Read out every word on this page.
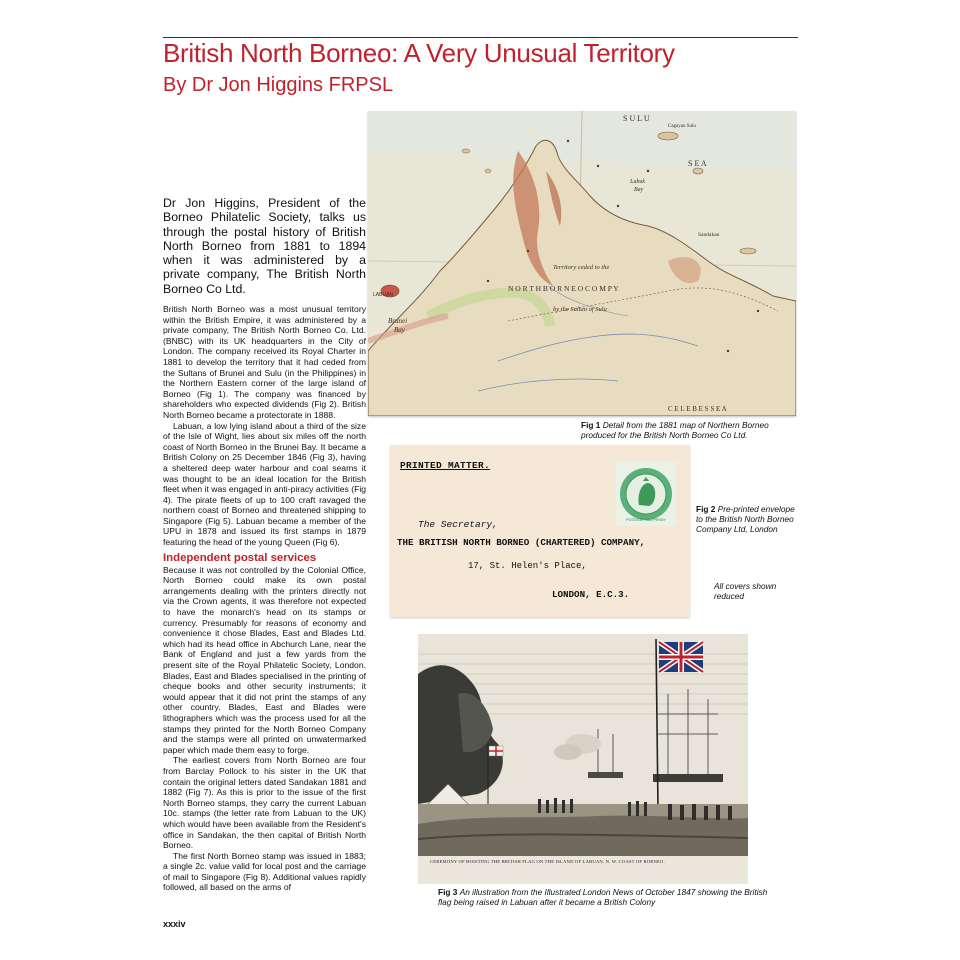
British North Borneo: A Very Unusual Territory
By Dr Jon Higgins FRPSL

Dr Jon Higgins, President of the Borneo Philatelic Society, talks us through the postal history of British North Borneo from 1881 to 1894 when it was administered by a private company, The British North Borneo Co Ltd.

British North Borneo was a most unusual territory within the British Empire, it was administered by a private company, The British North Borneo Co. Ltd. (BNBC) with its UK headquarters in the City of London. The company received its Royal Charter in 1881 to develop the territory that it had ceded from the Sultans of Brunei and Sulu (in the Philippines) in the Northern Eastern corner of the large island of Borneo (Fig 1). The company was financed by shareholders who expected dividends (Fig 2). British North Borneo became a protectorate in 1888.

Labuan, a low lying island about a third of the size of the Isle of Wight, lies about six miles off the north coast of North Borneo in the Brunei Bay. It became a British Colony on 25 December 1846 (Fig 3), having a sheltered deep water harbour and coal seams it was thought to be an ideal location for the British fleet when it was engaged in anti-piracy activities (Fig 4). The pirate fleets of up to 100 craft ravaged the northern coast of Borneo and threatened shipping to Singapore (Fig 5). Labuan became a member of the UPU in 1878 and issued its first stamps in 1879 featuring the head of the young Queen (Fig 6).

Independent postal services

Because it was not controlled by the Colonial Office, North Borneo could make its own postal arrangements dealing with the printers directly not via the Crown agents, it was therefore not expected to have the monarch's head on its stamps or currency. Presumably for reasons of economy and convenience it chose Blades, East and Blades Ltd. which had its head office in Abchurch Lane, near the Bank of England and just a few yards from the present site of the Royal Philatelic Society, London. Blades, East and Blades specialised in the printing of cheque books and other security instruments; it would appear that it did not print the stamps of any other country. Blades, East and Blades were lithographers which was the process used for all the stamps they printed for the North Borneo Company and the stamps were all printed on unwatermarked paper which made them easy to forge.

The earliest covers from North Borneo are four from Barclay Pollock to his sister in the UK that contain the original letters dated Sandakan 1881 and 1882 (Fig 7). As this is prior to the issue of the first North Borneo stamps, they carry the current Labuan 10c. stamps (the letter rate from Labuan to the UK) which would have been available from the Resident's office in Sandakan, the then capital of British North Borneo.

The first North Borneo stamp was issued in 1883; a single 2c. value valid for local post and the carriage of mail to Singapore (Fig 8). Additional values rapidly followed, all based on the arms of

xxxiv
S U L U
S E A
C E L E B E S S E A
Territory ceded to the
N O R T H B O R N E O C O M P Y
by the Sultan of Sulu
Brunei
Bay
LABUAN
Lubuk
Bay
Sandakan
Cagayan Sulu
Fig 1 Detail from the 1881 map of Northern Borneo produced for the British North Borneo Co Ltd.
PRINTED MATTER.
POSTAGE HALFPENNY
The Secretary,
THE BRITISH NORTH BORNEO (CHARTERED) COMPANY,
17, St. Helen's Place,
LONDON, E.C.3.
Fig 2 Pre-printed envelope to the British North Borneo Company Ltd, London
All covers shown reduced
CEREMONY OF HOISTING THE BRITISH FLAG ON THE ISLAND OF LABUAN, N. W. COAST OF BORNEO.
Fig 3 An illustration from the Illustrated London News of October 1847 showing the British flag being raised in Labuan after it became a British Colony
